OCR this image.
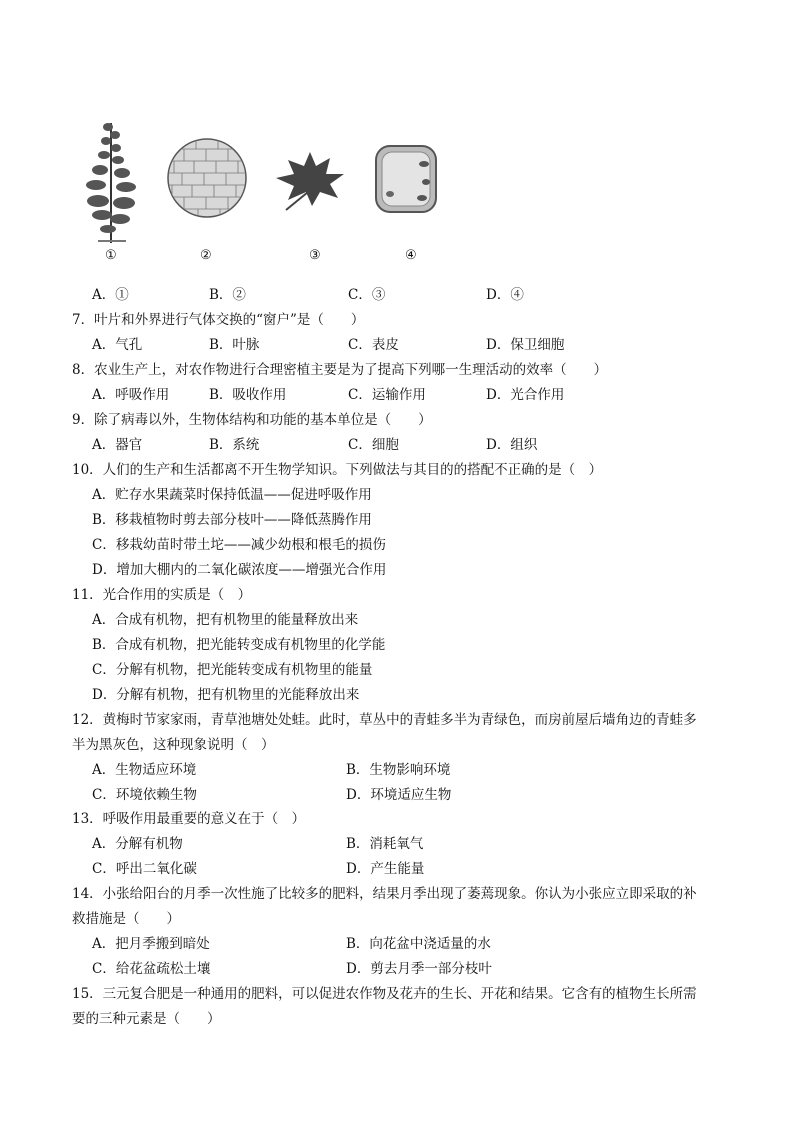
①	②	③	④
A．①	B．②	C．③	D．④
7．叶片和外界进行气体交换的“窗户”是（　　）
A．气孔	B．叶脉	C．表皮	D．保卫细胞
8．农业生产上，对农作物进行合理密植主要是为了提高下列哪一生理活动的效率（　　）
A．呼吸作用	B．吸收作用	C．运输作用	D．光合作用
9．除了病毒以外，生物体结构和功能的基本单位是（　　）
A．器官	B．系统	C．细胞	D．组织
10．人们的生产和生活都离不开生物学知识。下列做法与其目的的搭配不正确的是（　）
A．贮存水果蔬菜时保持低温——促进呼吸作用
B．移栽植物时剪去部分枝叶——降低蒸腾作用
C．移栽幼苗时带土坨——减少幼根和根毛的损伤
D．增加大棚内的二氧化碳浓度——增强光合作用
11．光合作用的实质是（　）
A．合成有机物，把有机物里的能量释放出来
B．合成有机物，把光能转变成有机物里的化学能
C．分解有机物，把光能转变成有机物里的能量
D．分解有机物，把有机物里的光能释放出来
12．黄梅时节家家雨，青草池塘处处蛙。此时，草丛中的青蛙多半为青绿色，而房前屋后墙角边的青蛙多
半为黑灰色，这种现象说明（　）
A．生物适应环境	B．生物影响环境
C．环境依赖生物	D．环境适应生物
13．呼吸作用最重要的意义在于（　）
A．分解有机物	B．消耗氧气
C．呼出二氧化碳	D．产生能量
14．小张给阳台的月季一次性施了比较多的肥料，结果月季出现了萎蔫现象。你认为小张应立即采取的补
救措施是（　　）
A．把月季搬到暗处	B．向花盆中浇适量的水
C．给花盆疏松土壤	D．剪去月季一部分枝叶
15．三元复合肥是一种通用的肥料，可以促进农作物及花卉的生长、开花和结果。它含有的植物生长所需
要的三种元素是（　　）
